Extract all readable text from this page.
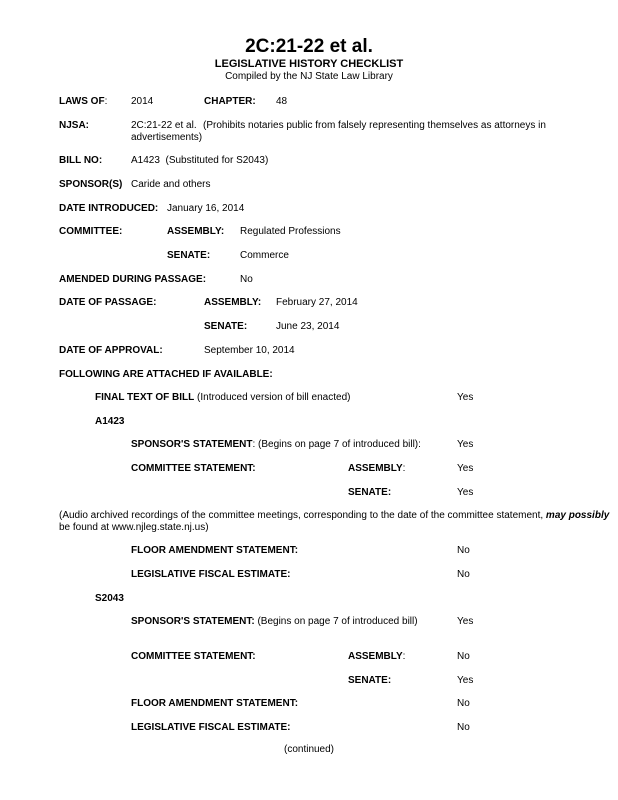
2C:21-22 et al.
LEGISLATIVE HISTORY CHECKLIST
Compiled by the NJ State Law Library
LAWS OF: 2014	CHAPTER: 48
NJSA:	2C:21-22 et al. (Prohibits notaries public from falsely representing themselves as attorneys in
advertisements)
BILL NO:	A1423 (Substituted for S2043)
SPONSOR(S) Caride and others
DATE INTRODUCED: January 16, 2014
COMMITTEE:	ASSEMBLY: Regulated Professions
SENATE:	Commerce
AMENDED DURING PASSAGE:	No
DATE OF PASSAGE:	ASSEMBLY: February 27, 2014
SENATE:	June 23, 2014
DATE OF APPROVAL:	September 10, 2014
FOLLOWING ARE ATTACHED IF AVAILABLE:
FINAL TEXT OF BILL (Introduced version of bill enacted)	Yes
A1423
SPONSOR'S STATEMENT: (Begins on page 7 of introduced bill):	Yes
COMMITTEE STATEMENT:	ASSEMBLY:	Yes
SENATE:	Yes
(Audio archived recordings of the committee meetings, corresponding to the date of the committee statement, may possibly
be found at www.njleg.state.nj.us)
FLOOR AMENDMENT STATEMENT:	No
LEGISLATIVE FISCAL ESTIMATE:	No
S2043
SPONSOR'S STATEMENT: (Begins on page 7 of introduced bill)	Yes
COMMITTEE STATEMENT:	ASSEMBLY:	No
SENATE:	Yes
FLOOR AMENDMENT STATEMENT:	No
LEGISLATIVE FISCAL ESTIMATE:	No
(continued)
